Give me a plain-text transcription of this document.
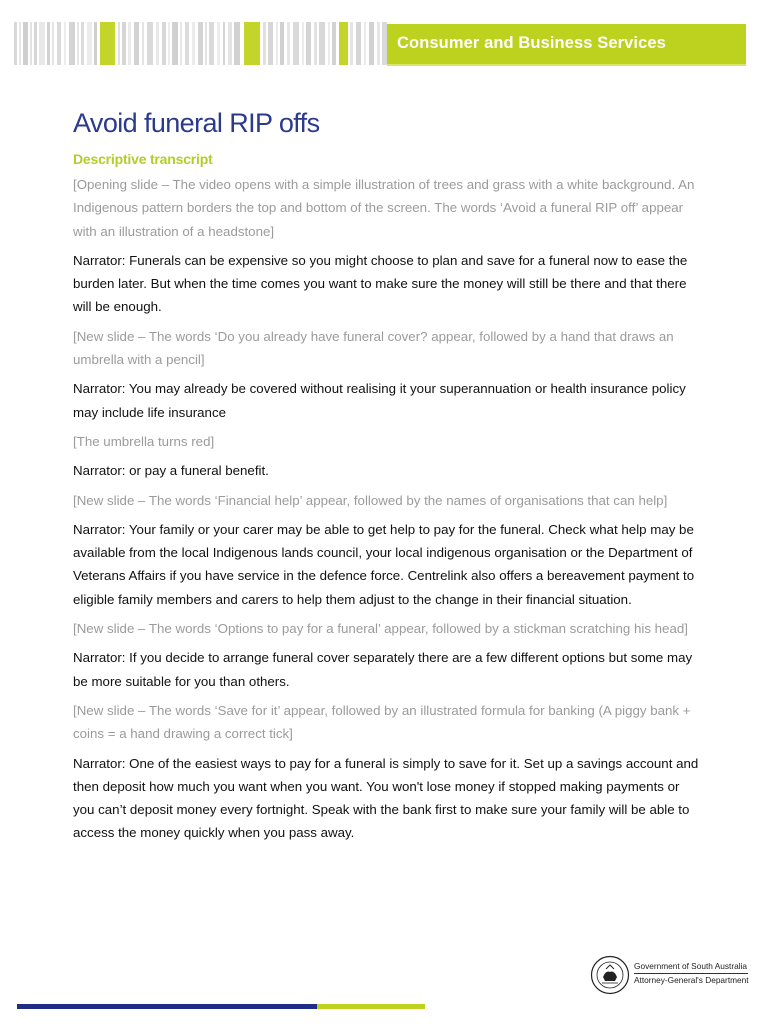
Consumer and Business Services
Avoid funeral RIP offs
Descriptive transcript

[Opening slide – The video opens with a simple illustration of trees and grass with a white background. An Indigenous pattern borders the top and bottom of the screen. The words ‘Avoid a funeral RIP off’ appear with an illustration of a headstone]

Narrator: Funerals can be expensive so you might choose to plan and save for a funeral now to ease the burden later. But when the time comes you want to make sure the money will still be there and that there will be enough.

[New slide – The words ‘Do you already have funeral cover? appear, followed by a hand that draws an umbrella with a pencil]

Narrator: You may already be covered without realising it your superannuation or health insurance policy may include life insurance

[The umbrella turns red]

Narrator: or pay a funeral benefit.

[New slide – The words ‘Financial help’ appear, followed by the names of organisations that can help]

Narrator: Your family or your carer may be able to get help to pay for the funeral. Check what help may be available from the local Indigenous lands council, your local indigenous organisation or the Department of Veterans Affairs if you have service in the defence force. Centrelink also offers a bereavement payment to eligible family members and carers to help them adjust to the change in their financial situation.

[New slide – The words ‘Options to pay for a funeral’ appear, followed by a stickman scratching his head]

Narrator: If you decide to arrange funeral cover separately there are a few different options but some may be more suitable for you than others.

[New slide – The words ‘Save for it’ appear, followed by an illustrated formula for banking (A piggy bank + coins = a hand drawing a correct tick]

Narrator: One of the easiest ways to pay for a funeral is simply to save for it. Set up a savings account and then deposit how much you want when you want. You won't lose money if stopped making payments or you can’t deposit money every fortnight. Speak with the bank first to make sure your family will be able to access the money quickly when you pass away.

Government of South Australia
Attorney-General's Department
